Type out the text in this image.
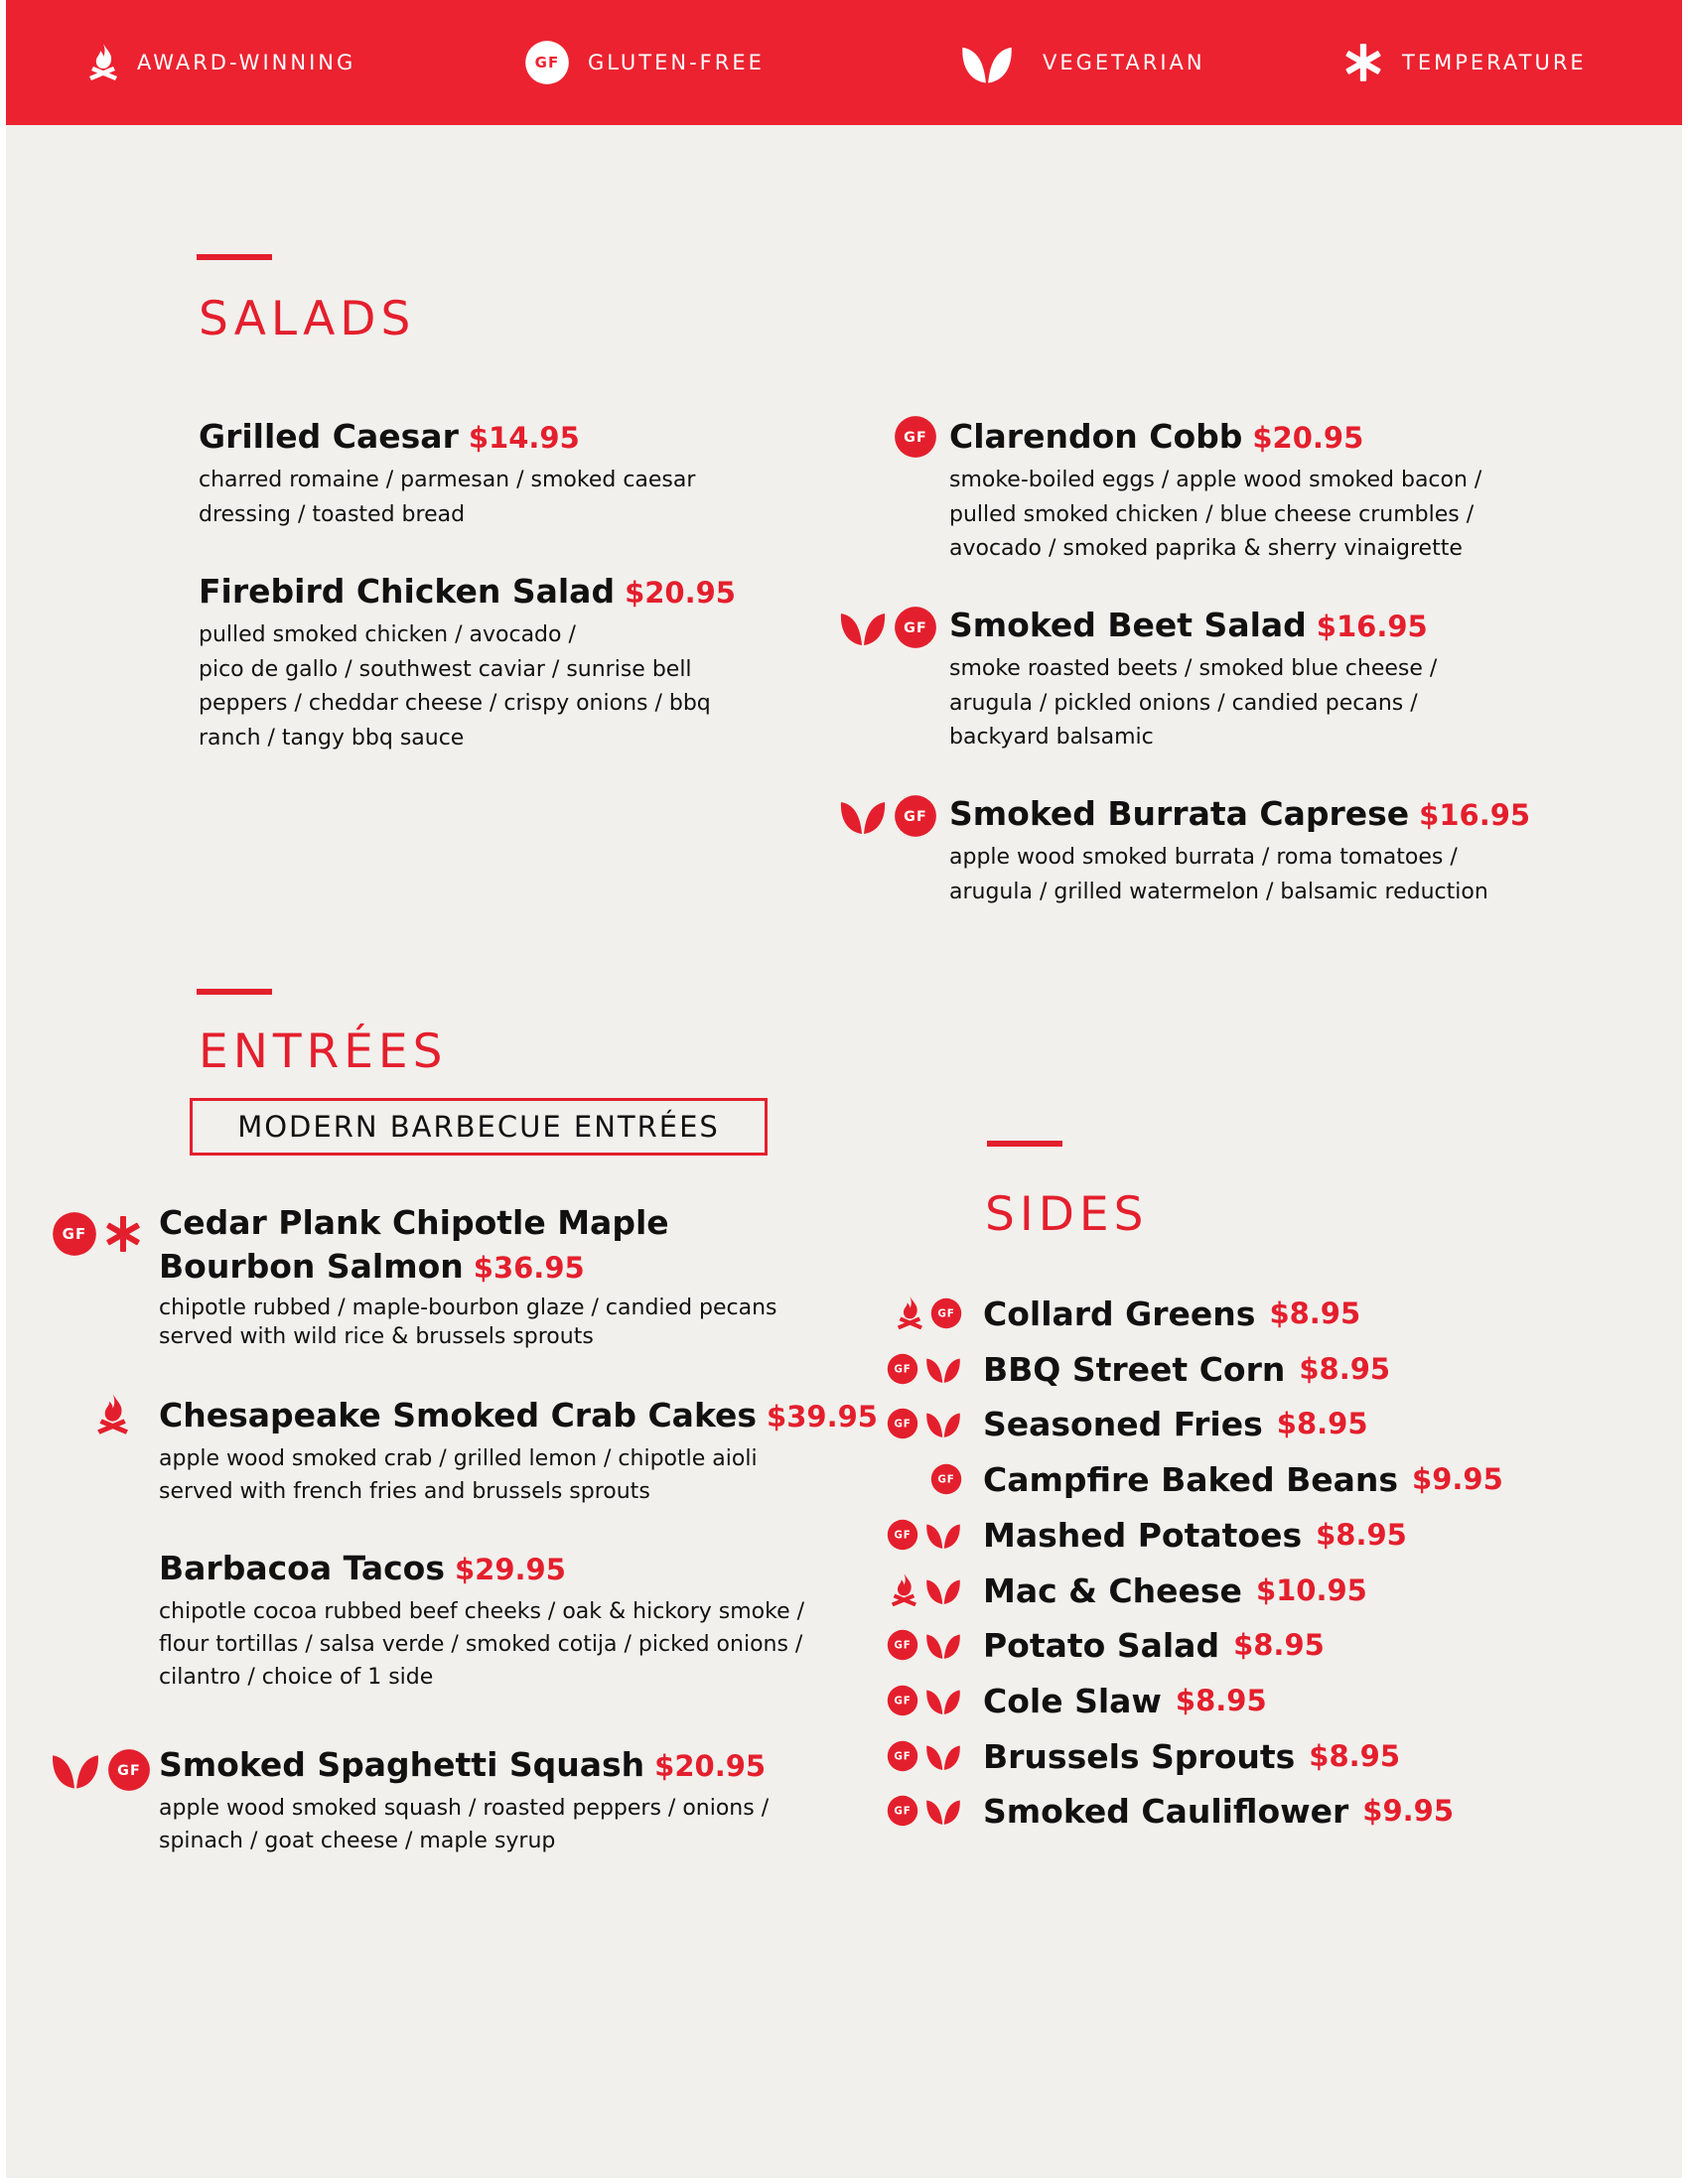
AWARD-WINNING	GF GLUTEN-FREE	VEGETARIAN	TEMPERATURE
SALADS
Grilled Caesar $14.95
charred romaine / parmesan / smoked caesar
dressing / toasted bread
Firebird Chicken Salad $20.95
pulled smoked chicken / avocado /
pico de gallo / southwest caviar / sunrise bell
peppers / cheddar cheese / crispy onions / bbq
ranch / tangy bbq sauce
GF Clarendon Cobb $20.95
smoke-boiled eggs / apple wood smoked bacon /
pulled smoked chicken / blue cheese crumbles /
avocado / smoked paprika & sherry vinaigrette
GF Smoked Beet Salad $16.95
smoke roasted beets / smoked blue cheese /
arugula / pickled onions / candied pecans /
backyard balsamic
GF Smoked Burrata Caprese $16.95
apple wood smoked burrata / roma tomatoes /
arugula / grilled watermelon / balsamic reduction
ENTRÉES
MODERN BARBECUE ENTRÉES
GF Cedar Plank Chipotle Maple
Bourbon Salmon $36.95
chipotle rubbed / maple-bourbon glaze / candied pecans
served with wild rice & brussels sprouts
Chesapeake Smoked Crab Cakes $39.95
apple wood smoked crab / grilled lemon / chipotle aioli
served with french fries and brussels sprouts
Barbacoa Tacos $29.95
chipotle cocoa rubbed beef cheeks / oak & hickory smoke /
flour tortillas / salsa verde / smoked cotija / picked onions /
cilantro / choice of 1 side
GF Smoked Spaghetti Squash $20.95
apple wood smoked squash / roasted peppers / onions /
spinach / goat cheese / maple syrup
SIDES
GF Collard Greens $8.95
GF BBQ Street Corn $8.95
GF Seasoned Fries $8.95
GF Campfire Baked Beans $9.95
GF Mashed Potatoes $8.95
Mac & Cheese $10.95
GF Potato Salad $8.95
GF Cole Slaw $8.95
GF Brussels Sprouts $8.95
GF Smoked Cauliflower $9.95
